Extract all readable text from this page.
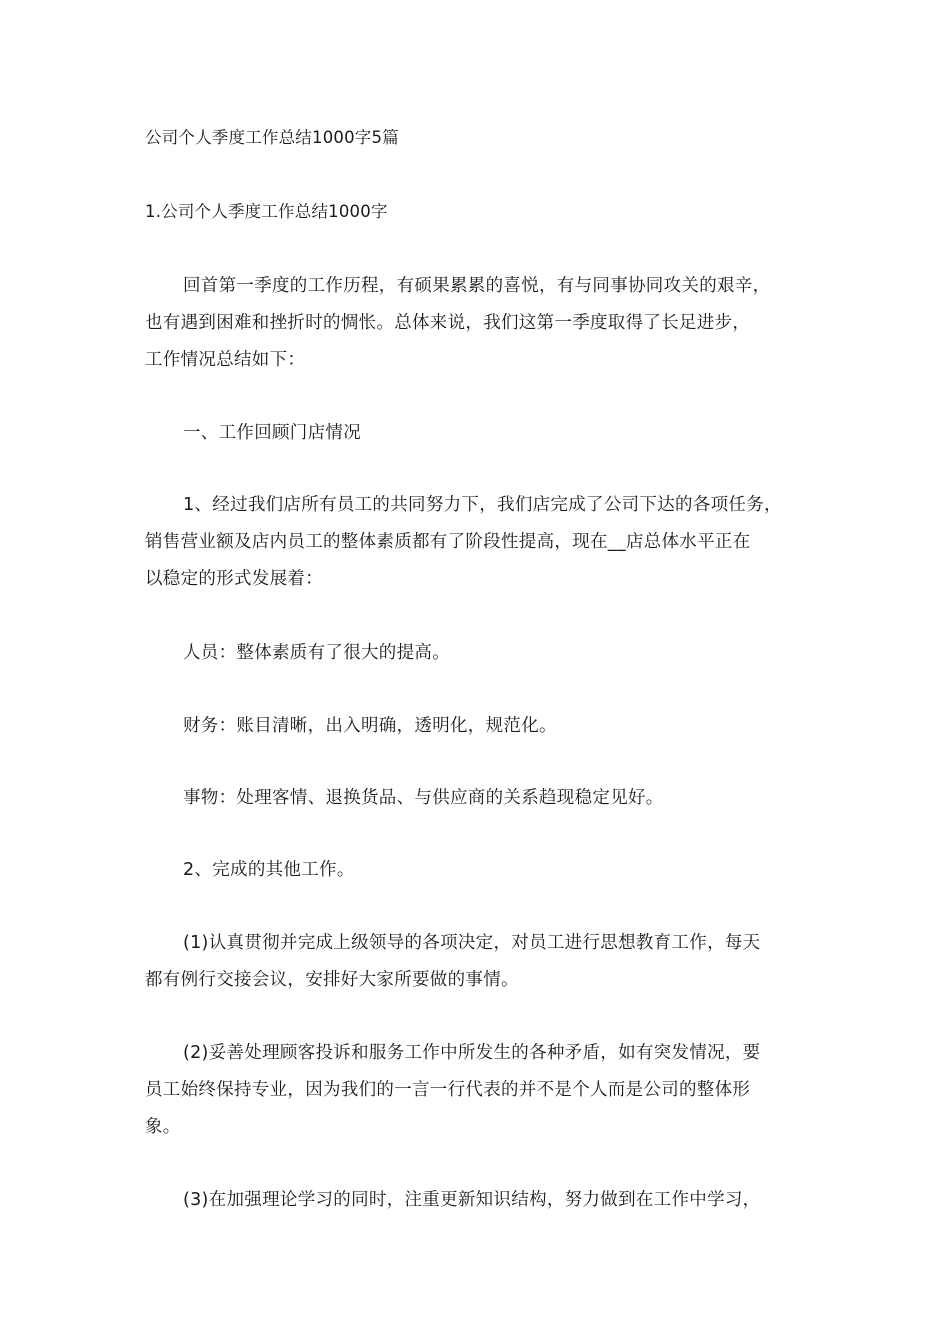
公司个人季度工作总结1000字5篇

1.公司个人季度工作总结1000字

回首第一季度的工作历程，有硕果累累的喜悦，有与同事协同攻关的艰辛，

也有遇到困难和挫折时的惆怅。总体来说，我们这第一季度取得了长足进步，

工作情况总结如下：

一、工作回顾门店情况

1、经过我们店所有员工的共同努力下，我们店完成了公司下达的各项任务，

销售营业额及店内员工的整体素质都有了阶段性提高，现在__店总体水平正在

以稳定的形式发展着：

人员：整体素质有了很大的提高。

财务：账目清晰，出入明确，透明化，规范化。

事物：处理客情、退换货品、与供应商的关系趋现稳定见好。

2、完成的其他工作。

(1)认真贯彻并完成上级领导的各项决定，对员工进行思想教育工作，每天

都有例行交接会议，安排好大家所要做的事情。

(2)妥善处理顾客投诉和服务工作中所发生的各种矛盾，如有突发情况，要

员工始终保持专业，因为我们的一言一行代表的并不是个人而是公司的整体形

象。

(3)在加强理论学习的同时，注重更新知识结构，努力做到在工作中学习，
